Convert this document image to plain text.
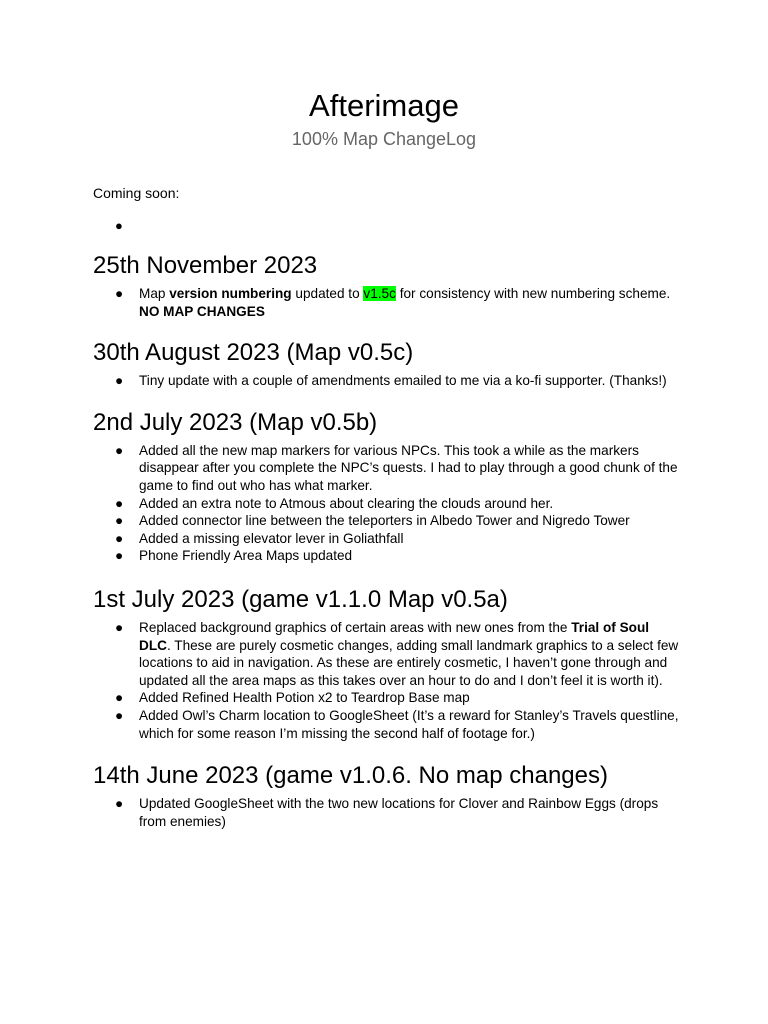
Afterimage
100% Map ChangeLog

Coming soon:

●
25th November 2023
● Map version numbering updated to v1.5c for consistency with new numbering scheme. NO MAP CHANGES
30th August 2023 (Map v0.5c)
● Tiny update with a couple of amendments emailed to me via a ko-fi supporter. (Thanks!)
2nd July 2023 (Map v0.5b)
● Added all the new map markers for various NPCs. This took a while as the markers disappear after you complete the NPC’s quests. I had to play through a good chunk of the game to find out who has what marker.
● Added an extra note to Atmous about clearing the clouds around her.
● Added connector line between the teleporters in Albedo Tower and Nigredo Tower
● Added a missing elevator lever in Goliathfall
● Phone Friendly Area Maps updated
1st July 2023 (game v1.1.0 Map v0.5a)
● Replaced background graphics of certain areas with new ones from the Trial of Soul DLC. These are purely cosmetic changes, adding small landmark graphics to a select few locations to aid in navigation. As these are entirely cosmetic, I haven’t gone through and updated all the area maps as this takes over an hour to do and I don’t feel it is worth it).
● Added Refined Health Potion x2 to Teardrop Base map
● Added Owl’s Charm location to GoogleSheet (It’s a reward for Stanley’s Travels questline, which for some reason I’m missing the second half of footage for.)
14th June 2023 (game v1.0.6. No map changes)
● Updated GoogleSheet with the two new locations for Clover and Rainbow Eggs (drops from enemies)
